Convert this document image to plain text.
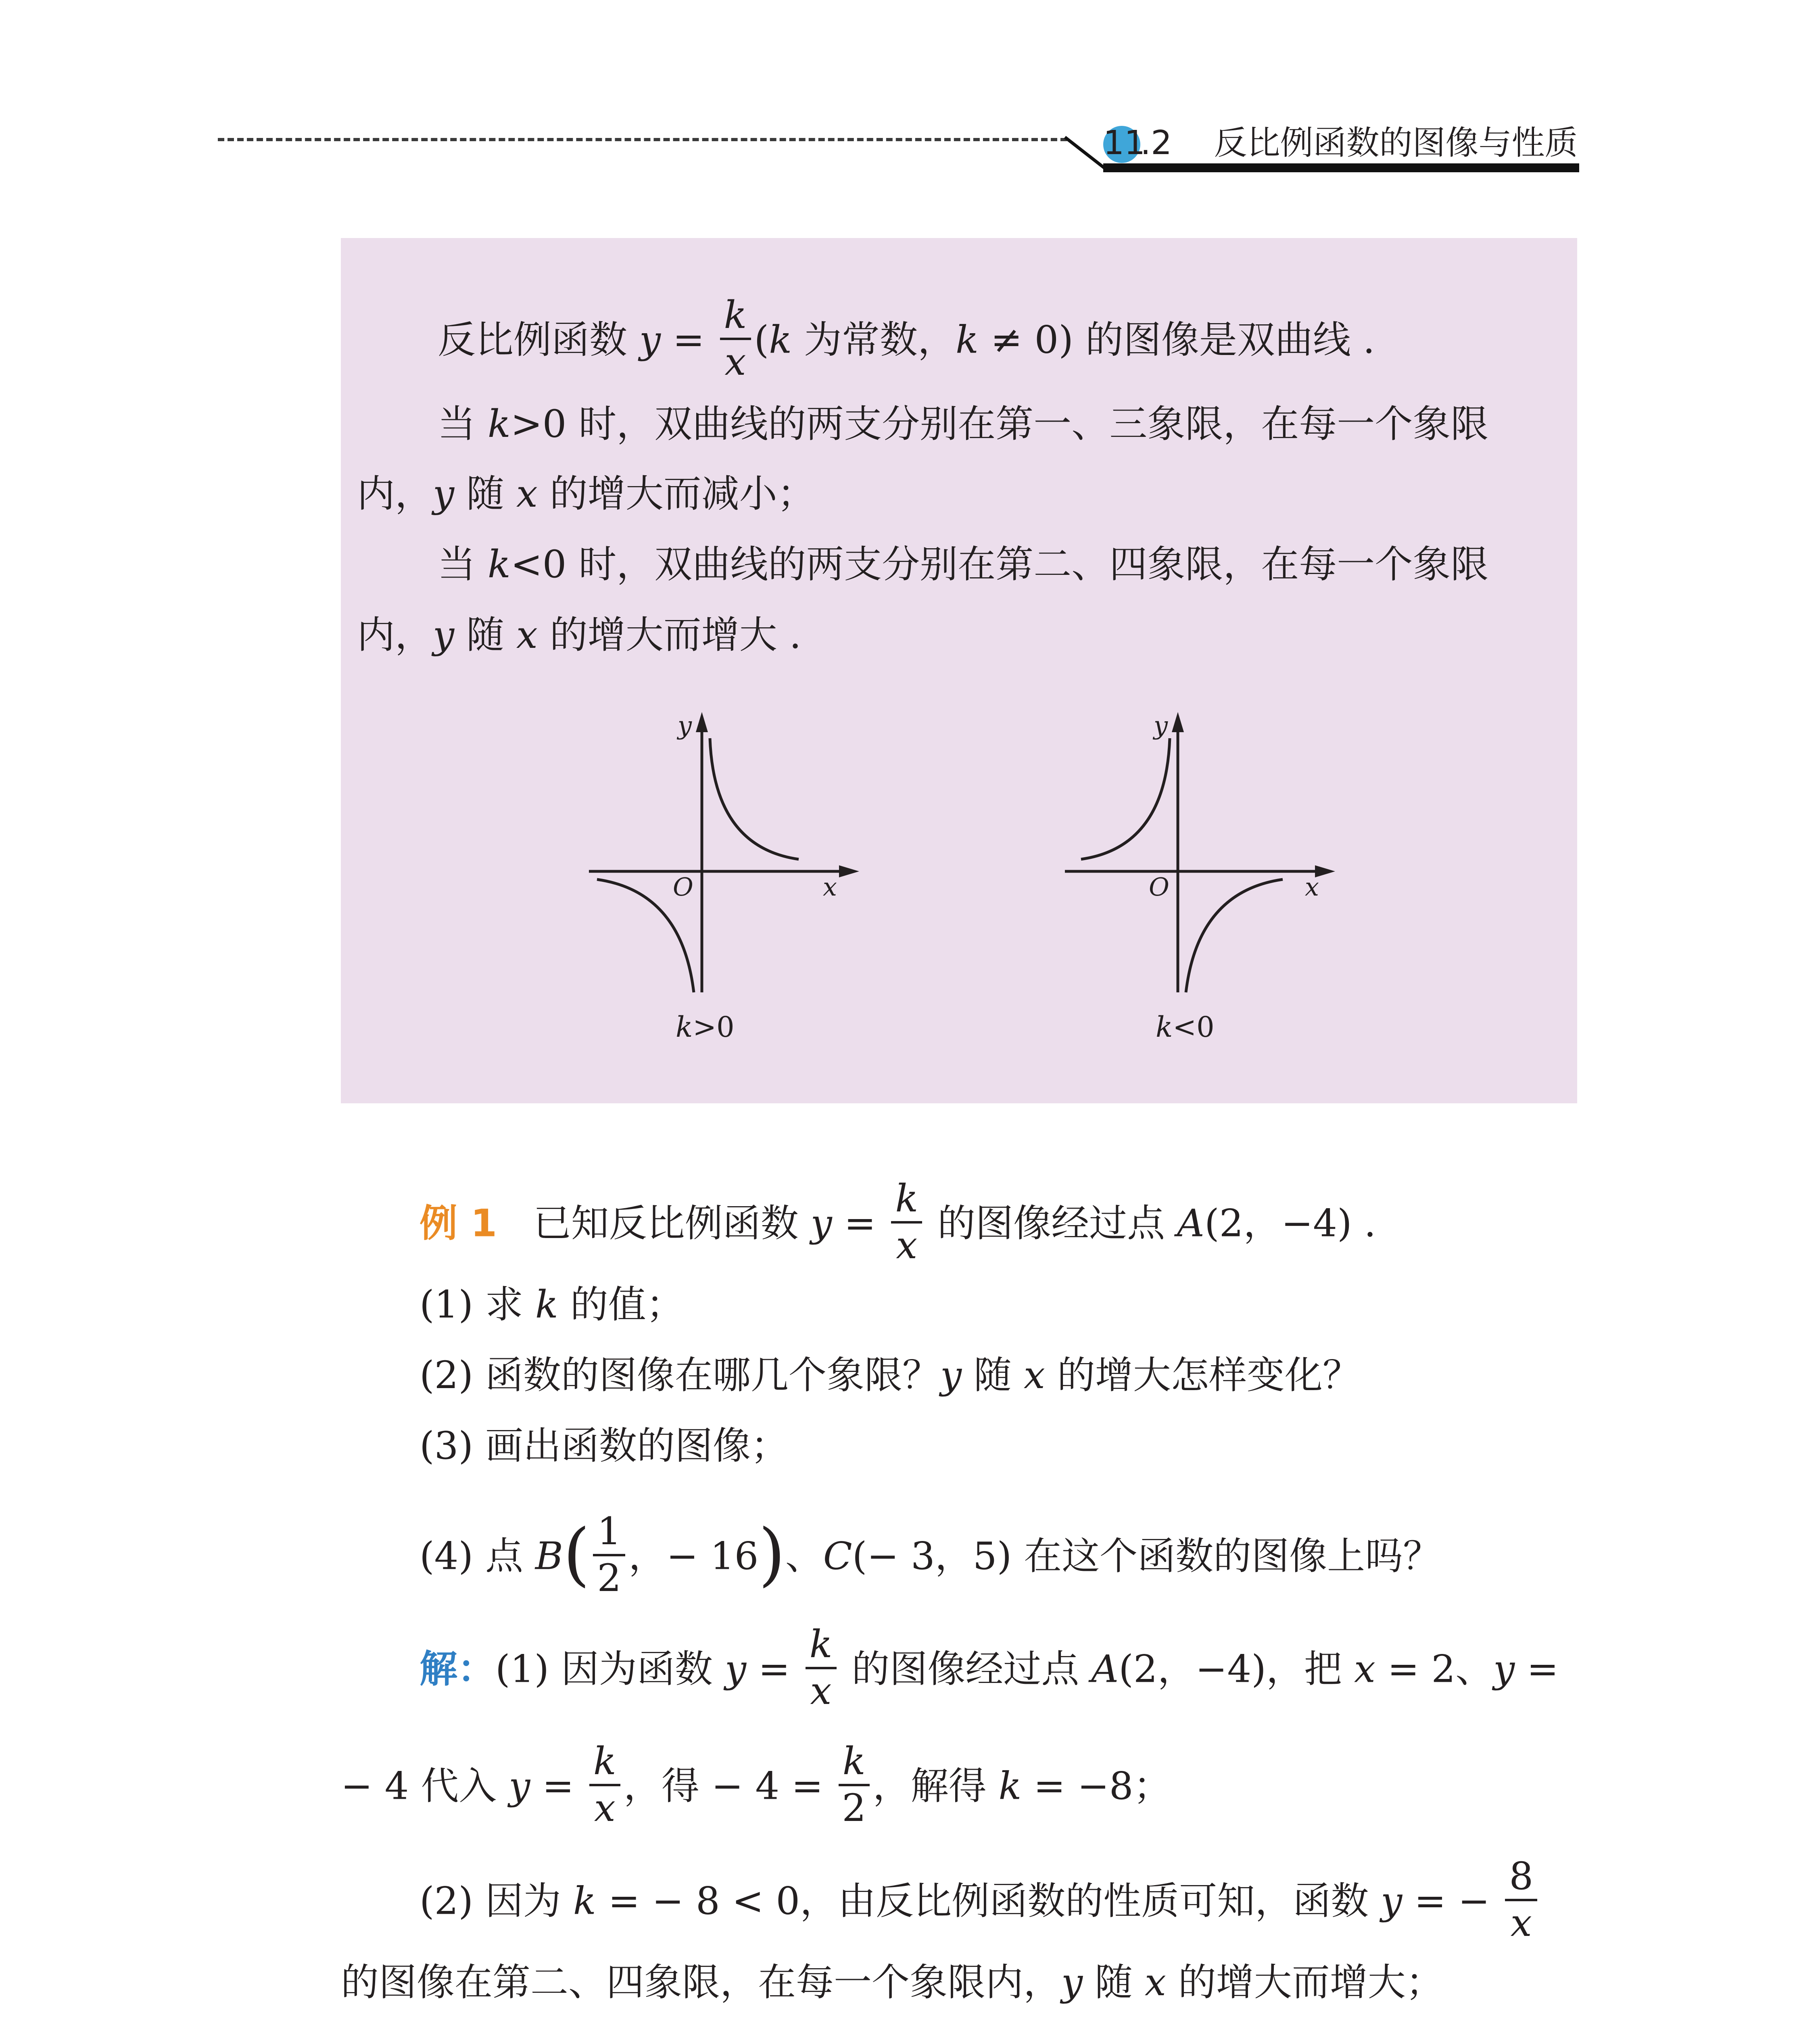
11.2 反比例函数的图像与性质
反比例函数 $y = \frac{k}{x} (k$ 为常数，k ≠ 0) 的图像是双曲线 .
当 k>0 时，双曲线的两支分别在第一、三象限，在每一个象限
内，y 随 x 的增大而减小；
当 k<0 时，双曲线的两支分别在第二、四象限，在每一个象限
内，y 随 x 的增大而增大 .
y
x
O
k>0
y
x
O
k<0
例 1 已知反比例函数 $y = \frac{k}{x}$ 的图像经过点 A(2，−4) .
(1) 求 k 的值；
(2) 函数的图像在哪几个象限？y 随 x 的增大怎样变化？
(3) 画出函数的图像；
(4) 点 $B( \frac{1}{2}$ ，− 16)、C(− 3，5) 在这个函数的图像上吗？
解：(1) 因为函数 $y = \frac{k}{x}$ 的图像经过点 A(2，−4)，把 x = 2、y =
− 4 代入 $y = \frac{k}{x}$ ，得 − $4 = \frac{k}{2}$ ，解得 k = −8；
(2) 因为 k = − 8 < 0，由反比例函数的性质可知，函数 y = − $\frac{8}{x}$
的图像在第二、四象限，在每一个象限内，y 随 x 的增大而增大；
